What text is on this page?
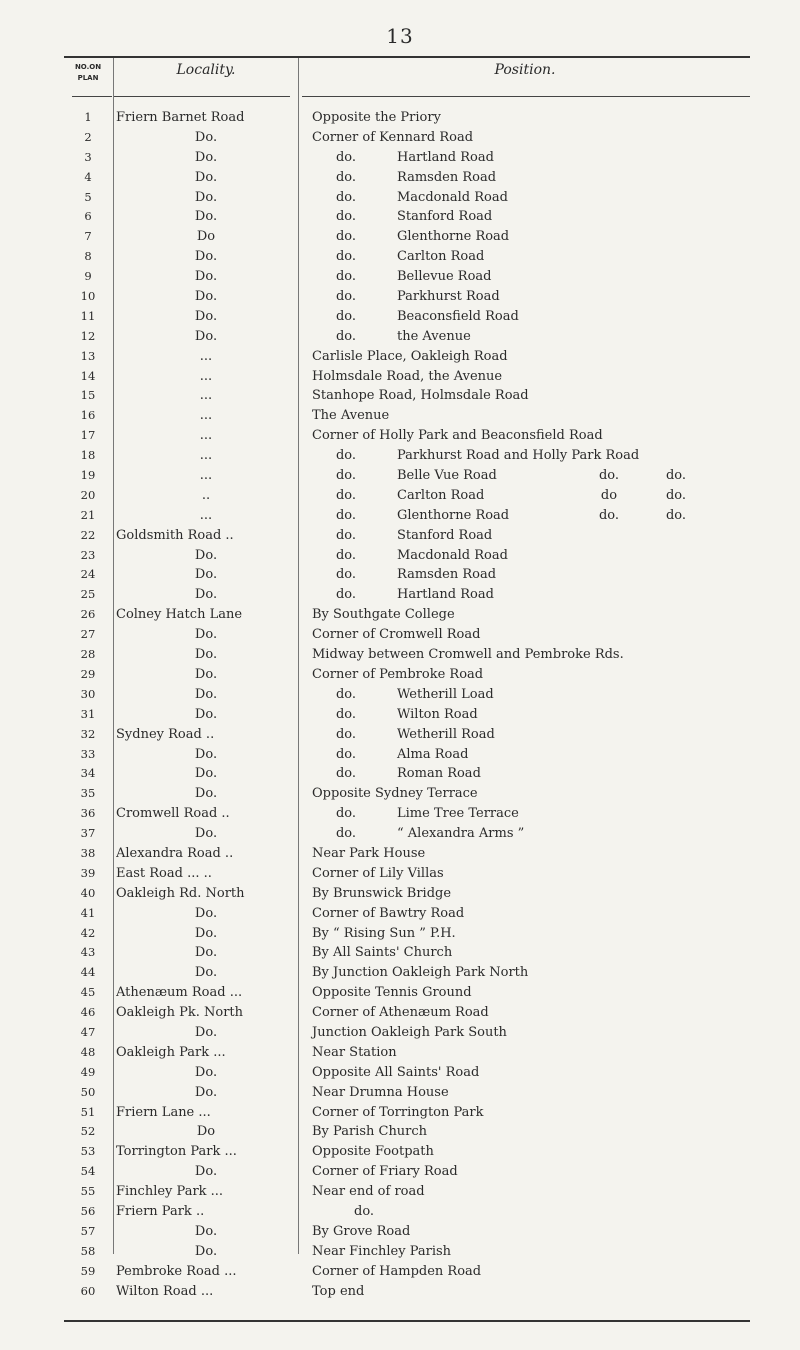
13
NO.ON
PLAN	Locality.	Position.
1	Friern Barnet Road	Opposite the Priory
2	Do.	Corner of Kennard Road
3	Do.	do.	Hartland Road
4	Do.	do.	Ramsden Road
5	Do.	do.	Macdonald Road
6	Do.	do.	Stanford Road
7	Do	do.	Glenthorne Road
8	Do.	do.	Carlton Road
9	Do.	do.	Bellevue Road
10	Do.	do.	Parkhurst Road
11	Do.	do.	Beaconsfield Road
12	Do.	do.	the Avenue
13	...	Carlisle Place, Oakleigh Road
14	...	Holmsdale Road, the Avenue
15	...	Stanhope Road, Holmsdale Road
16	...	The Avenue
17	...	Corner of Holly Park and Beaconsfield Road
18	...	do.	Parkhurst Road and Holly Park Road
19	...	do.	Belle Vue Road	do.	do.
20	..	do.	Carlton Road	do	do.
21	...	do.	Glenthorne Road	do.	do.
22	Goldsmith Road ..	do.	Stanford Road
23	Do.	do.	Macdonald Road
24	Do.	do.	Ramsden Road
25	Do.	do.	Hartland Road
26	Colney Hatch Lane	By Southgate College
27	Do.	Corner of Cromwell Road
28	Do.	Midway between Cromwell and Pembroke Rds.
29	Do.	Corner of Pembroke Road
30	Do.	do.	Wetherill Load
31	Do.	do.	Wilton Road
32	Sydney Road ..	do.	Wetherill Road
33	Do.	do.	Alma Road
34	Do.	do.	Roman Road
35	Do.	Opposite Sydney Terrace
36	Cromwell Road ..	do.	Lime Tree Terrace
37	Do.	do.	“ Alexandra Arms ”
38	Alexandra Road ..	Near Park House
39	East Road ... ..	Corner of Lily Villas
40	Oakleigh Rd. North	By Brunswick Bridge
41	Do.	Corner of Bawtry Road
42	Do.	By “ Rising Sun ” P.H.
43	Do.	By All Saints' Church
44	Do.	By Junction Oakleigh Park North
45	Athenæum Road ...	Opposite Tennis Ground
46	Oakleigh Pk. North	Corner of Athenæum Road
47	Do.	Junction Oakleigh Park South
48	Oakleigh Park ...	Near Station
49	Do.	Opposite All Saints' Road
50	Do.	Near Drumna House
51	Friern Lane ...	Corner of Torrington Park
52	Do	By Parish Church
53	Torrington Park ...	Opposite Footpath
54	Do.	Corner of Friary Road
55	Finchley Park ...	Near end of road
56	Friern Park ..	do.
57	Do.	By Grove Road
58	Do.	Near Finchley Parish
59	Pembroke Road ...	Corner of Hampden Road
60	Wilton Road ...	Top end
